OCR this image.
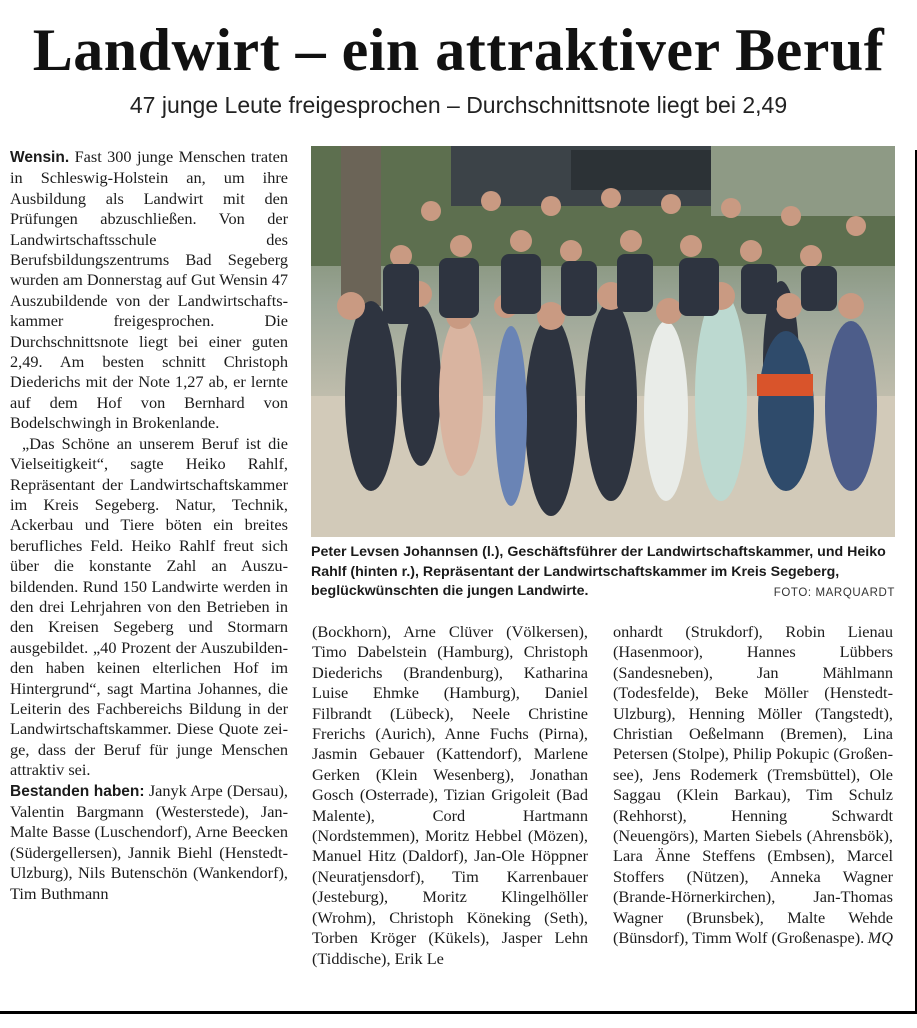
Landwirt – ein attraktiver Beruf
47 junge Leute freigesprochen – Durchschnittsnote liegt bei 2,49

Wensin. Fast 300 junge Menschen traten in Schleswig-Holstein an, um ihre Ausbildung als Landwirt mit den Prüfungen abzuschließen. Von der Landwirtschaftsschule des Berufsbildungszentrums Bad Segeberg wurden am Donnerstag auf Gut Wensin 47 Auszubildende von der Landwirtschaftskammer freigesprochen. Die Durchschnittsnote liegt bei einer guten 2,49. Am besten schnitt Christoph Diederichs mit der Note 1,27 ab, er lernte auf dem Hof von Bernhard von Bodelschwingh in Brokenlande.

„Das Schöne an unserem Beruf ist die Vielseitigkeit“, sagte Heiko Rahlf, Repräsentant der Landwirtschaftskammer im Kreis Segeberg. Natur, Technik, Ackerbau und Tiere böten ein breites berufliches Feld. Heiko Rahlf freut sich über die konstante Zahl an Auszubildenden. Rund 150 Landwirte werden in den drei Lehrjahren von den Betrieben in den Kreisen Segeberg und Stormarn ausgebildet. „40 Prozent der Auszubildenden haben keinen elterlichen Hof im Hintergrund“, sagt Martina Johannes, die Leiterin des Fachbereichs Bildung in der Landwirtschaftskammer. Diese Quote zeige, dass der Beruf für junge Menschen attraktiv sei.

Bestanden haben: Janyk Arpe (Dersau), Valentin Bargmann (Westerstede), Jan-Malte Basse (Luschendorf), Arne Beecken (Südergellersen), Jannik Biehl (Henstedt-Ulzburg), Nils Butenschön (Wankendorf), Tim Buthmann

Peter Levsen Johannsen (l.), Geschäftsführer der Landwirtschaftskammer, und Heiko Rahlf (hinten r.), Repräsentant der Landwirtschaftskammer im Kreis Segeberg, beglückwünschten die jungen Landwirte.	FOTO: MARQUARDT

(Bockhorn), Arne Clüver (Völkersen), Timo Dabelstein (Hamburg), Christoph Diederichs (Brandenburg), Katharina Luise Ehmke (Hamburg), Daniel Filbrandt (Lübeck), Neele Christine Frerichs (Aurich), Anne Fuchs (Pirna), Jasmin Gebauer (Kattendorf), Marlene Gerken (Klein Wesenberg), Jonathan Gosch (Osterrade), Tizian Grigoleit (Bad Malente), Cord Hartmann (Nordstemmen), Moritz Hebbel (Mözen), Manuel Hitz (Daldorf), Jan-Ole Höppner (Neuratjensdorf), Tim Karrenbauer (Jesteburg), Moritz Klingelhöller (Wrohm), Christoph Köneking (Seth), Torben Kröger (Kükels), Jasper Lehn (Tiddische), Erik Le

onhardt (Strukdorf), Robin Lienau (Hasenmoor), Hannes Lübbers (Sandesneben), Jan Mählmann (Todesfelde), Beke Möller (Henstedt-Ulzburg), Henning Möller (Tangstedt), Christian Oeßelmann (Bremen), Lina Petersen (Stolpe), Philip Pokupic (Großensee), Jens Rodemerk (Tremsbüttel), Ole Saggau (Klein Barkau), Tim Schulz (Rehhorst), Henning Schwardt (Neuengörs), Marten Siebels (Ahrensbök), Lara Änne Steffens (Embsen), Marcel Stoffers (Nützen), Anneka Wagner (Brande-Hörnerkirchen), Jan-Thomas Wagner (Brunsbek), Malte Wehde (Bünsdorf), Timm Wolf (Großenaspe). MQ
